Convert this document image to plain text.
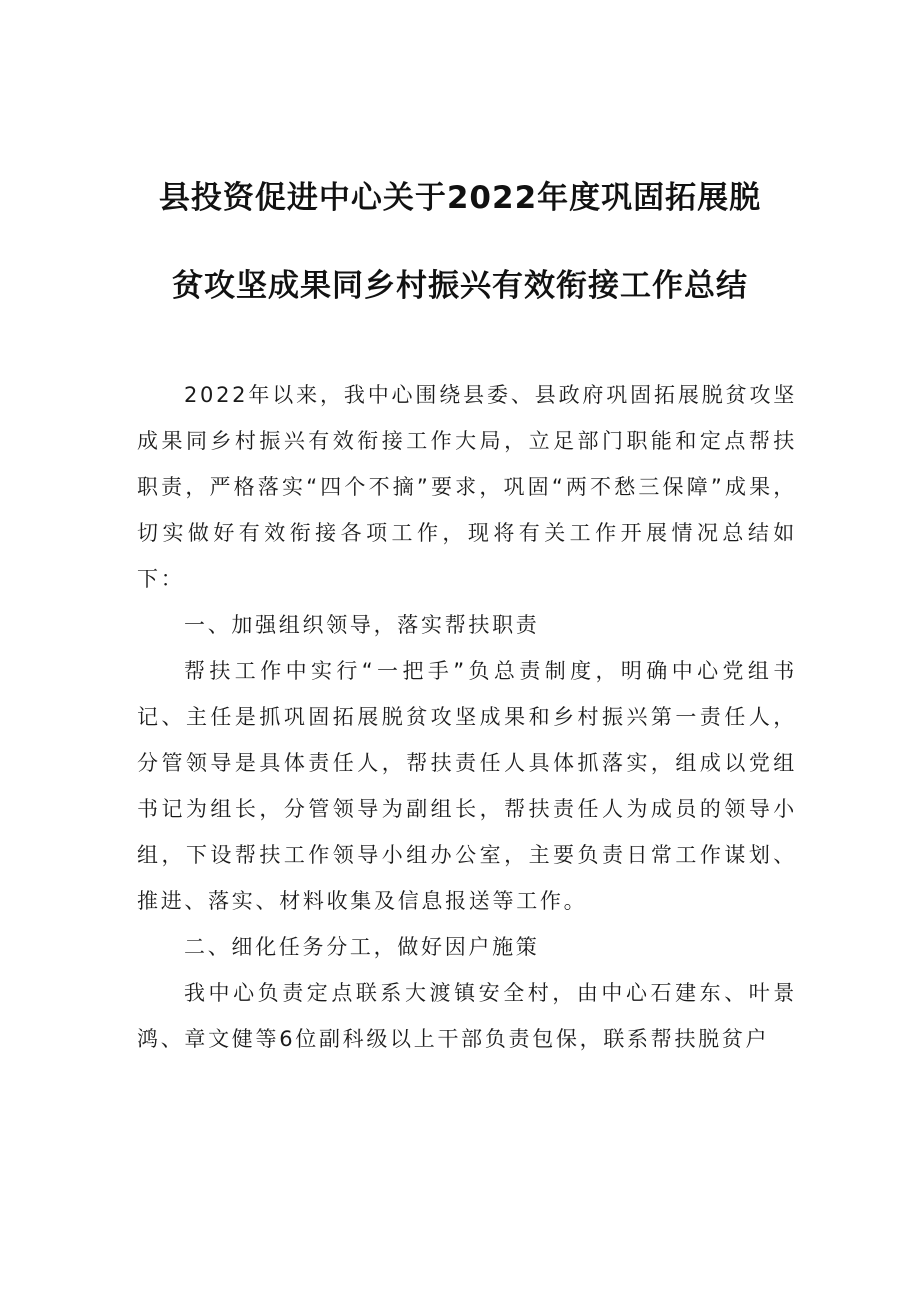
县投资促进中心关于2022年度巩固拓展脱
贫攻坚成果同乡村振兴有效衔接工作总结

2022年以来，我中心围绕县委、县政府巩固拓展脱贫攻坚成果同乡村振兴有效衔接工作大局，立足部门职能和定点帮扶职责，严格落实“四个不摘”要求，巩固“两不愁三保障”成果，切实做好有效衔接各项工作，现将有关工作开展情况总结如下：

一、加强组织领导，落实帮扶职责

帮扶工作中实行“一把手”负总责制度，明确中心党组书记、主任是抓巩固拓展脱贫攻坚成果和乡村振兴第一责任人，分管领导是具体责任人，帮扶责任人具体抓落实，组成以党组书记为组长，分管领导为副组长，帮扶责任人为成员的领导小组，下设帮扶工作领导小组办公室，主要负责日常工作谋划、推进、落实、材料收集及信息报送等工作。

二、细化任务分工，做好因户施策

我中心负责定点联系大渡镇安全村，由中心石建东、叶景鸿、章文健等6位副科级以上干部负责包保，联系帮扶脱贫户
